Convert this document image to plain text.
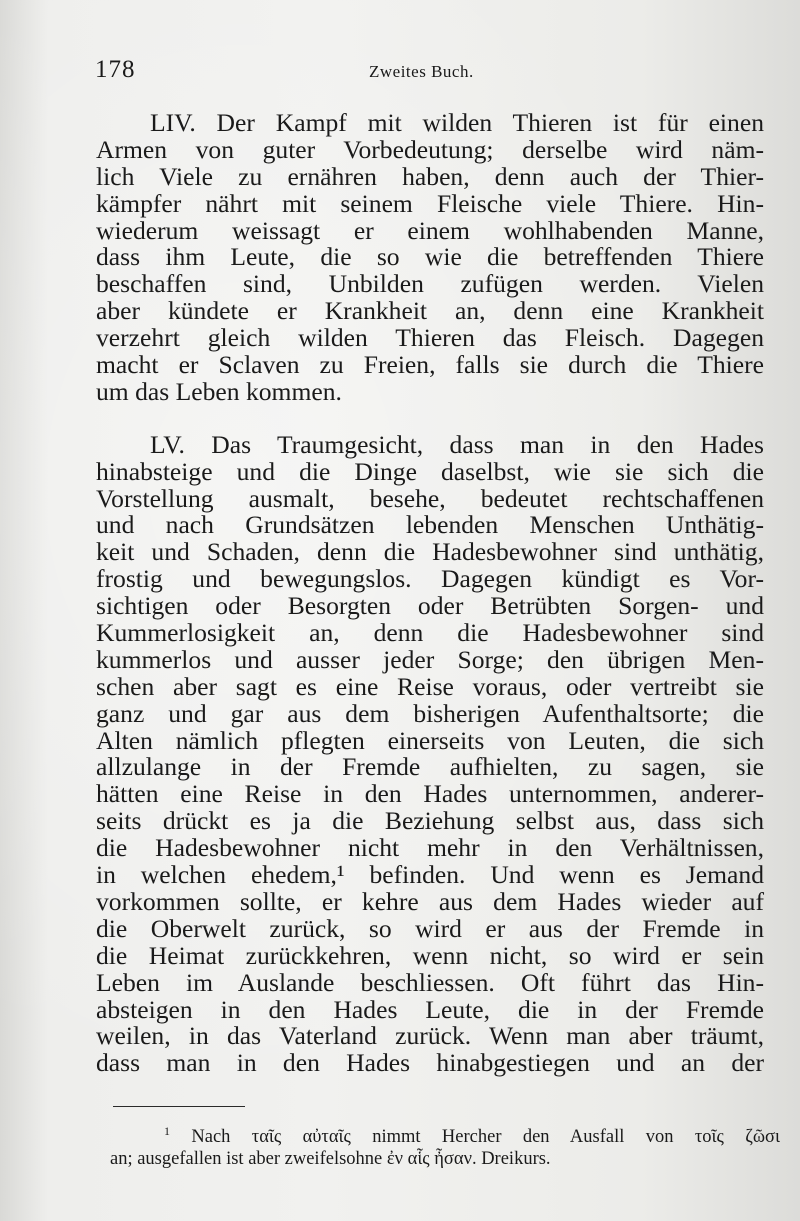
178	Zweites Buch.
LIV. Der Kampf mit wilden Thieren ist für einen
Armen von guter Vorbedeutung; derselbe wird näm-
lich Viele zu ernähren haben, denn auch der Thier-
kämpfer nährt mit seinem Fleische viele Thiere. Hin-
wiederum weissagt er einem wohlhabenden Manne,
dass ihm Leute, die so wie die betreffenden Thiere
beschaffen sind, Unbilden zufügen werden. Vielen
aber kündete er Krankheit an, denn eine Krankheit
verzehrt gleich wilden Thieren das Fleisch. Dagegen
macht er Sclaven zu Freien, falls sie durch die Thiere
um das Leben kommen.
LV. Das Traumgesicht, dass man in den Hades
hinabsteige und die Dinge daselbst, wie sie sich die
Vorstellung ausmalt, besehe, bedeutet rechtschaffenen
und nach Grundsätzen lebenden Menschen Unthätig-
keit und Schaden, denn die Hadesbewohner sind unthätig,
frostig und bewegungslos. Dagegen kündigt es Vor-
sichtigen oder Besorgten oder Betrübten Sorgen- und
Kummerlosigkeit an, denn die Hadesbewohner sind
kummerlos und ausser jeder Sorge; den übrigen Men-
schen aber sagt es eine Reise voraus, oder vertreibt sie
ganz und gar aus dem bisherigen Aufenthaltsorte; die
Alten nämlich pflegten einerseits von Leuten, die sich
allzulange in der Fremde aufhielten, zu sagen, sie
hätten eine Reise in den Hades unternommen, anderer-
seits drückt es ja die Beziehung selbst aus, dass sich
die Hadesbewohner nicht mehr in den Verhältnissen,
in welchen ehedem,¹ befinden. Und wenn es Jemand
vorkommen sollte, er kehre aus dem Hades wieder auf
die Oberwelt zurück, so wird er aus der Fremde in
die Heimat zurückkehren, wenn nicht, so wird er sein
Leben im Auslande beschliessen. Oft führt das Hin-
absteigen in den Hades Leute, die in der Fremde
weilen, in das Vaterland zurück. Wenn man aber träumt,
dass man in den Hades hinabgestiegen und an der
$^1$ Nach ταῖς αὐταῖς nimmt Hercher den Ausfall von τοῖς ζῶσι
an; ausgefallen ist aber zweifelsohne ἐν αἷς ἦσαν. Dreikurs.
